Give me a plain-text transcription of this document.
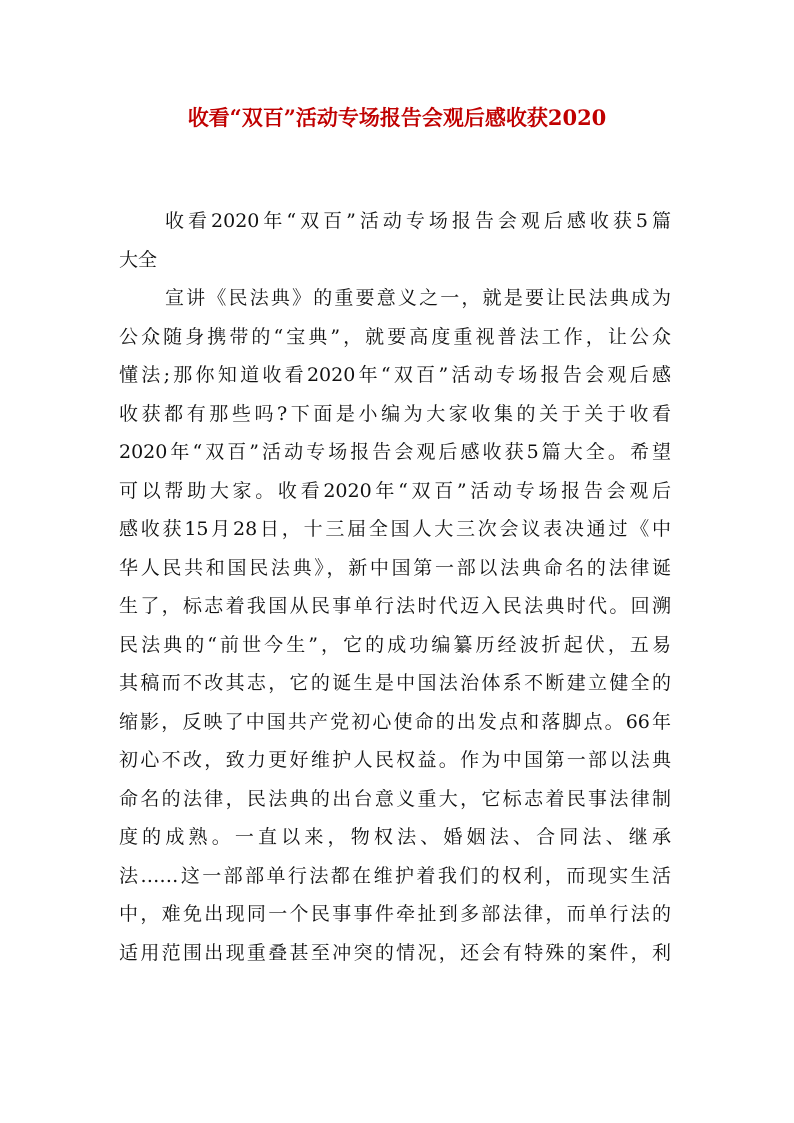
收看“双百”活动专场报告会观后感收获2020
收看2020年“双百”活动专场报告会观后感收获5篇
大全
宣讲《民法典》的重要意义之一，就是要让民法典成为
公众随身携带的“宝典”，就要高度重视普法工作，让公众
懂法;那你知道收看2020年“双百”活动专场报告会观后感
收获都有那些吗?下面是小编为大家收集的关于关于收看
2020年“双百”活动专场报告会观后感收获5篇大全。希望
可以帮助大家。收看2020年“双百”活动专场报告会观后
感收获15月28日，十三届全国人大三次会议表决通过《中
华人民共和国民法典》，新中国第一部以法典命名的法律诞
生了，标志着我国从民事单行法时代迈入民法典时代。回溯
民法典的“前世今生”，它的成功编纂历经波折起伏，五易
其稿而不改其志，它的诞生是中国法治体系不断建立健全的
缩影，反映了中国共产党初心使命的出发点和落脚点。66年
初心不改，致力更好维护人民权益。作为中国第一部以法典
命名的法律，民法典的出台意义重大，它标志着民事法律制
度的成熟。一直以来，物权法、婚姻法、合同法、继承
法……这一部部单行法都在维护着我们的权利，而现实生活
中，难免出现同一个民事事件牵扯到多部法律，而单行法的
适用范围出现重叠甚至冲突的情况，还会有特殊的案件，利
